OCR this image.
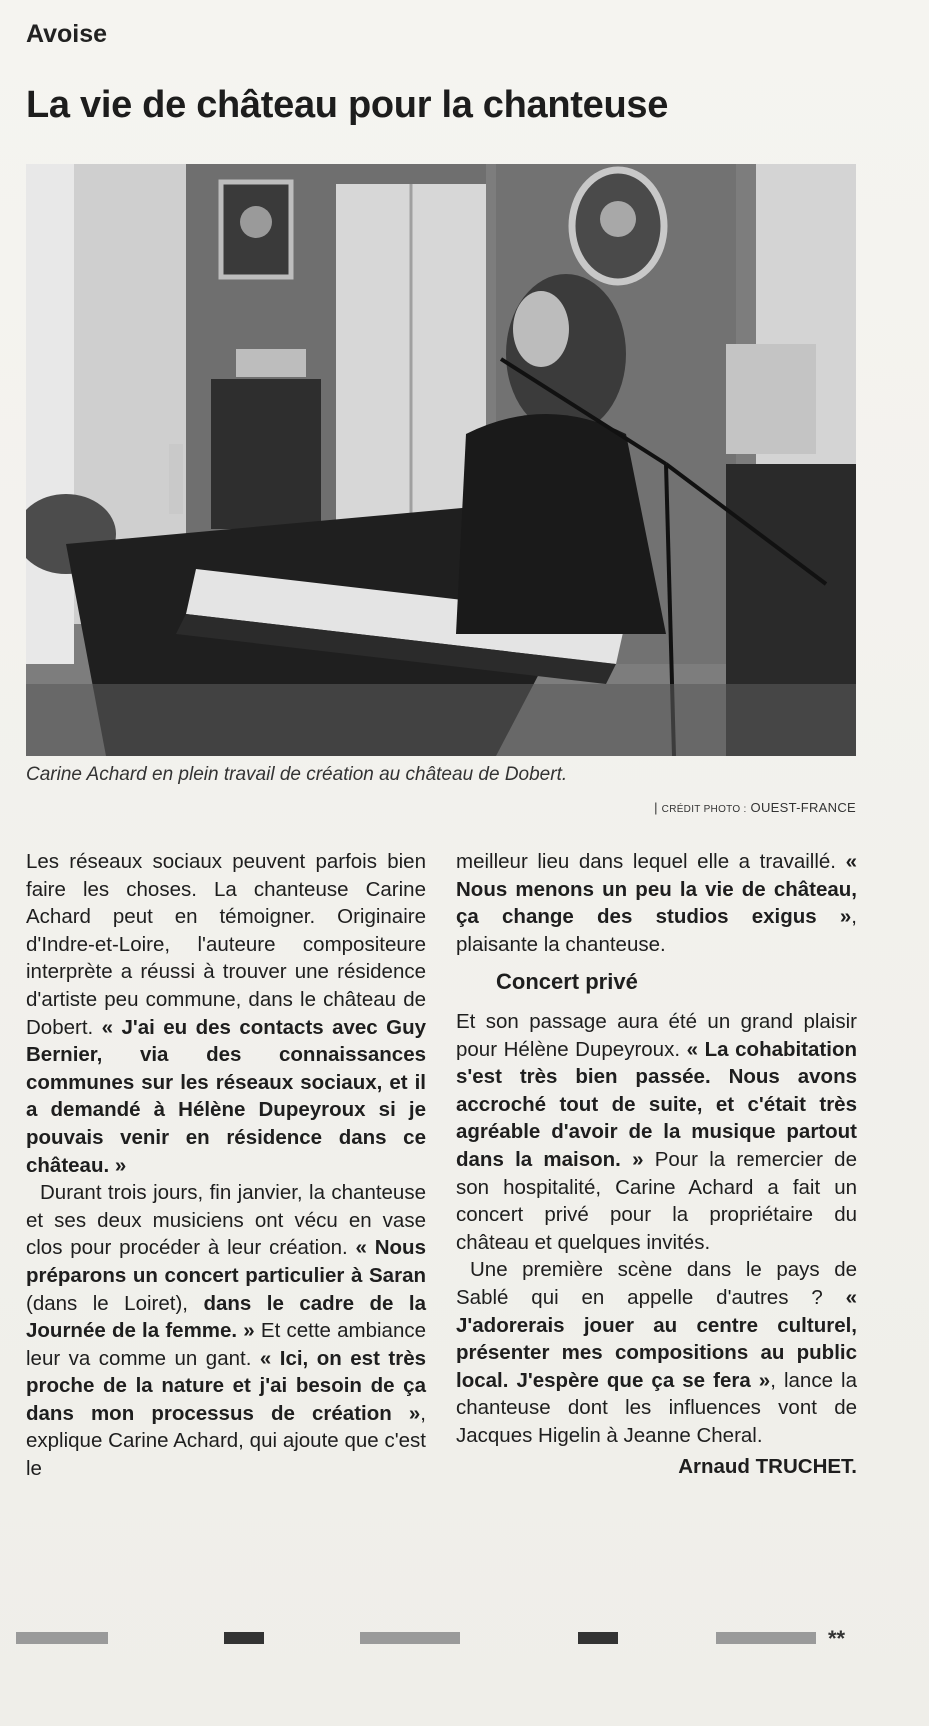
Avoise
La vie de château pour la chanteuse
Carine Achard en plein travail de création au château de Dobert.
| CRÉDIT PHOTO : OUEST-FRANCE

Les réseaux sociaux peuvent parfois bien faire les choses. La chanteuse Carine Achard peut en témoigner. Originaire d'Indre-et-Loire, l'auteure compositeure interprète a réussi à trouver une résidence d'artiste peu commune, dans le château de Dobert. « J'ai eu des contacts avec Guy Bernier, via des connaissances communes sur les réseaux sociaux, et il a demandé à Hélène Dupeyroux si je pouvais venir en résidence dans ce château. »

Durant trois jours, fin janvier, la chanteuse et ses deux musiciens ont vécu en vase clos pour procéder à leur création. « Nous préparons un concert particulier à Saran (dans le Loiret), dans le cadre de la Journée de la femme. » Et cette ambiance leur va comme un gant. « Ici, on est très proche de la nature et j'ai besoin de ça dans mon processus de création », explique Carine Achard, qui ajoute que c'est le

meilleur lieu dans lequel elle a travaillé. « Nous menons un peu la vie de château, ça change des studios exigus », plaisante la chanteuse.

Concert privé

Et son passage aura été un grand plaisir pour Hélène Dupeyroux. « La cohabitation s'est très bien passée. Nous avons accroché tout de suite, et c'était très agréable d'avoir de la musique partout dans la maison. » Pour la remercier de son hospitalité, Carine Achard a fait un concert privé pour la propriétaire du château et quelques invités.

Une première scène dans le pays de Sablé qui en appelle d'autres ? « J'adorerais jouer au centre culturel, présenter mes compositions au public local. J'espère que ça se fera », lance la chanteuse dont les influences vont de Jacques Higelin à Jeanne Cheral.

Arnaud TRUCHET.
**
